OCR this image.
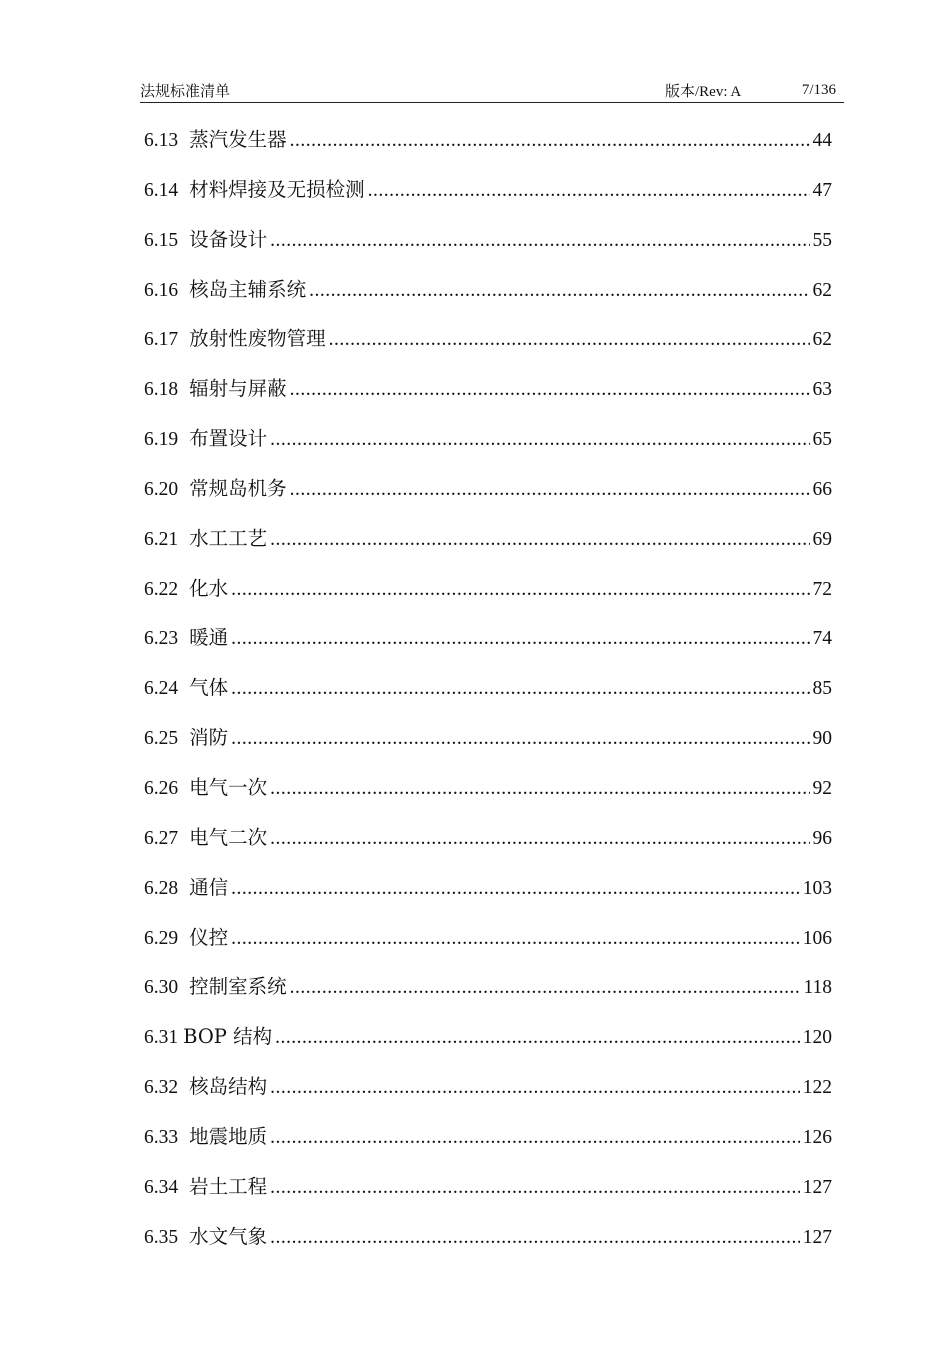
法规标准清单	版本/Rev: A	7/136
6.13 蒸汽发生器 .....	44
6.14 材料焊接及无损检测 .....	47
6.15 设备设计 .....	55
6.16 核岛主辅系统 .....	62
6.17 放射性废物管理 .....	62
6.18 辐射与屏蔽 .....	63
6.19 布置设计 .....	65
6.20 常规岛机务 .....	66
6.21 水工工艺 .....	69
6.22 化水 .....	72
6.23 暖通 .....	74
6.24 气体 .....	85
6.25 消防 .....	90
6.26 电气一次 .....	92
6.27 电气二次 .....	96
6.28 通信 .....	103
6.29 仪控 .....	106
6.30 控制室系统 .....	118
6.31 BOP 结构 .....	120
6.32 核岛结构 .....	122
6.33 地震地质 .....	126
6.34 岩土工程 .....	127
6.35 水文气象 .....	127
